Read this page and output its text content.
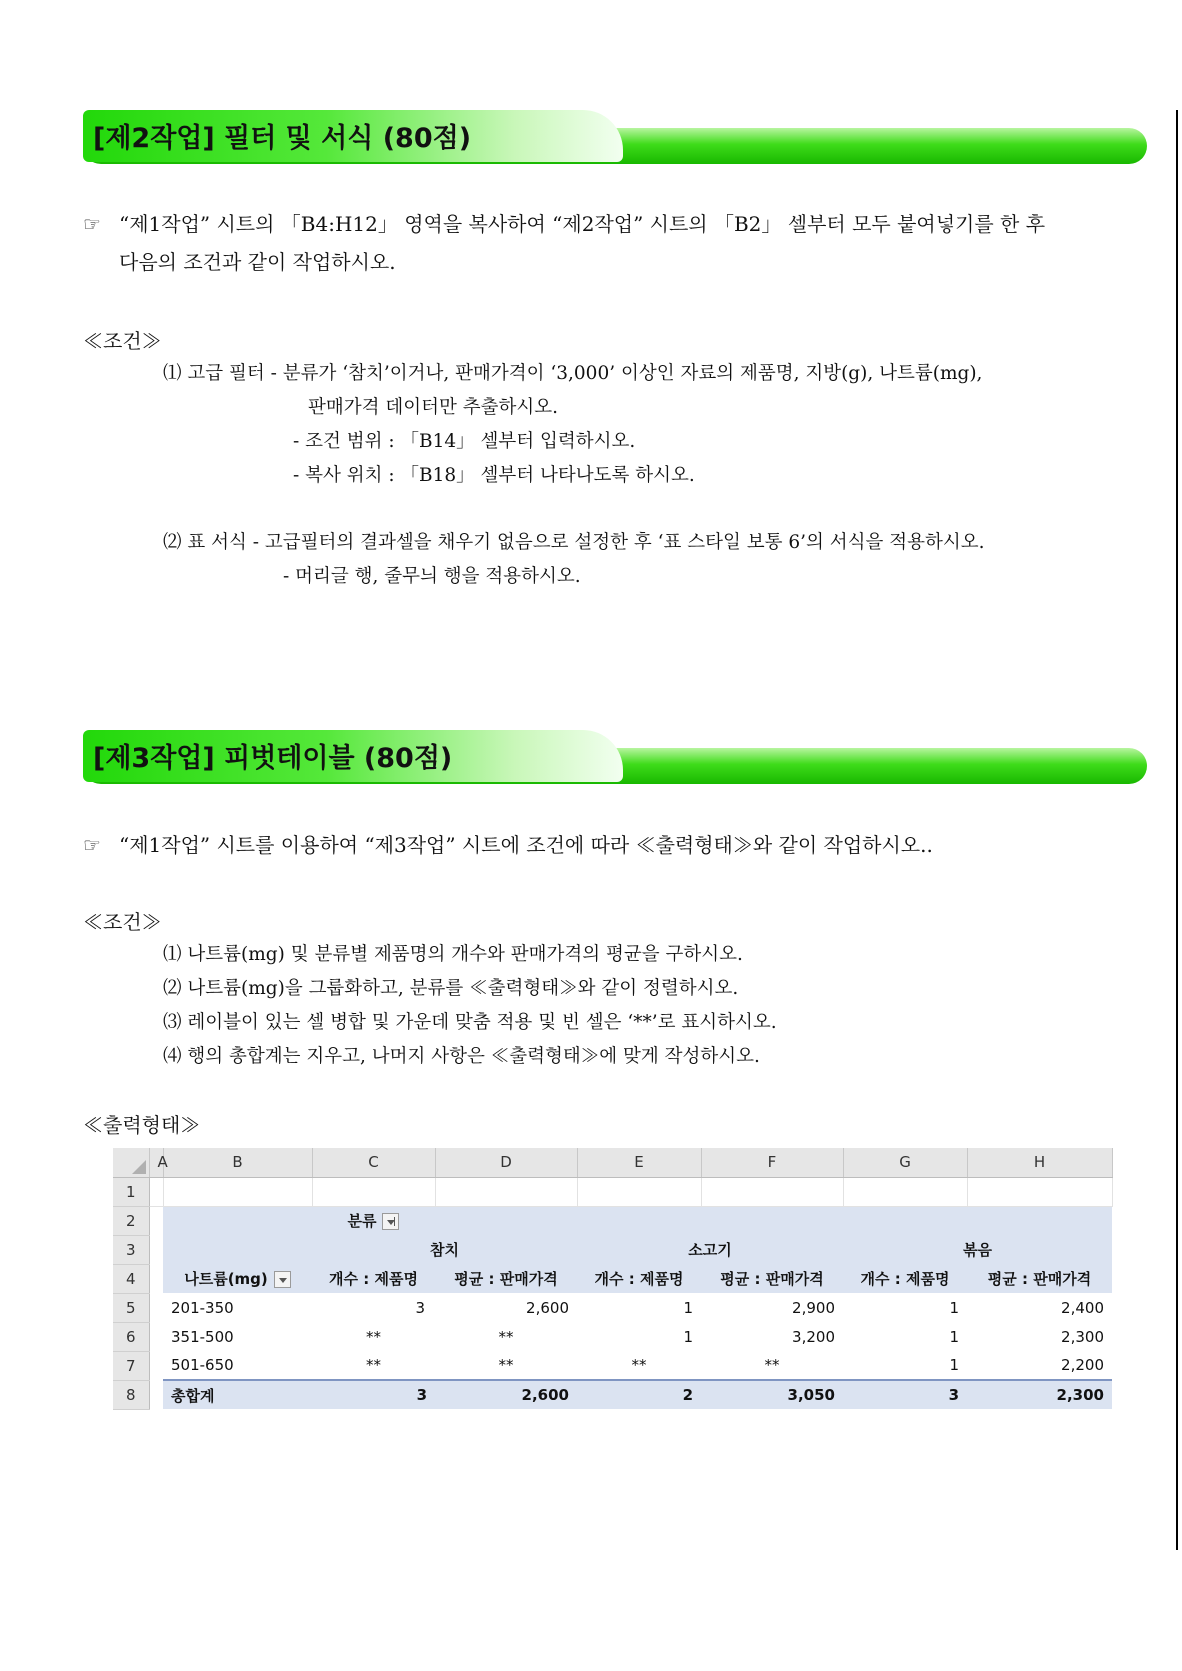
[제2작업] 필터 및 서식 (80점)
☞ “제1작업” 시트의 「B4:H12」 영역을 복사하여 “제2작업” 시트의 「B2」 셀부터 모두 붙여넣기를 한 후
다음의 조건과 같이 작업하시오.
≪조건≫
⑴ 고급 필터 - 분류가 ‘참치’이거나, 판매가격이 ‘3,000’ 이상인 자료의 제품명, 지방(g), 나트륨(mg),
판매가격 데이터만 추출하시오.
- 조건 범위 : 「B14」 셀부터 입력하시오.
- 복사 위치 : 「B18」 셀부터 나타나도록 하시오.
⑵ 표 서식 - 고급필터의 결과셀을 채우기 없음으로 설정한 후 ‘표 스타일 보통 6’의 서식을 적용하시오.
- 머리글 행, 줄무늬 행을 적용하시오.
[제3작업] 피벗테이블 (80점)
☞ “제1작업” 시트를 이용하여 “제3작업” 시트에 조건에 따라 ≪출력형태≫와 같이 작업하시오..
≪조건≫
⑴ 나트륨(mg) 및 분류별 제품명의 개수와 판매가격의 평균을 구하시오.
⑵ 나트륨(mg)을 그룹화하고, 분류를 ≪출력형태≫와 같이 정렬하시오.
⑶ 레이블이 있는 셀 병합 및 가운데 맞춤 적용 및 빈 셀은 ‘**’로 표시하시오.
⑷ 행의 총합계는 지우고, 나머지 사항은 ≪출력형태≫에 맞게 작성하시오.
≪출력형태≫
	A	B	C	D	E	F	G	H
1								
2			분류					
3			참치		소고기		볶음	
4		나트륨(mg)	개수 : 제품명	평균 : 판매가격	개수 : 제품명	평균 : 판매가격	개수 : 제품명	평균 : 판매가격
5		201-350	3	2,600	1	2,900	1	2,400
6		351-500	**	**	1	3,200	1	2,300
7		501-650	**	**	**	**	1	2,200
8		총합계	3	2,600	2	3,050	3	2,300
